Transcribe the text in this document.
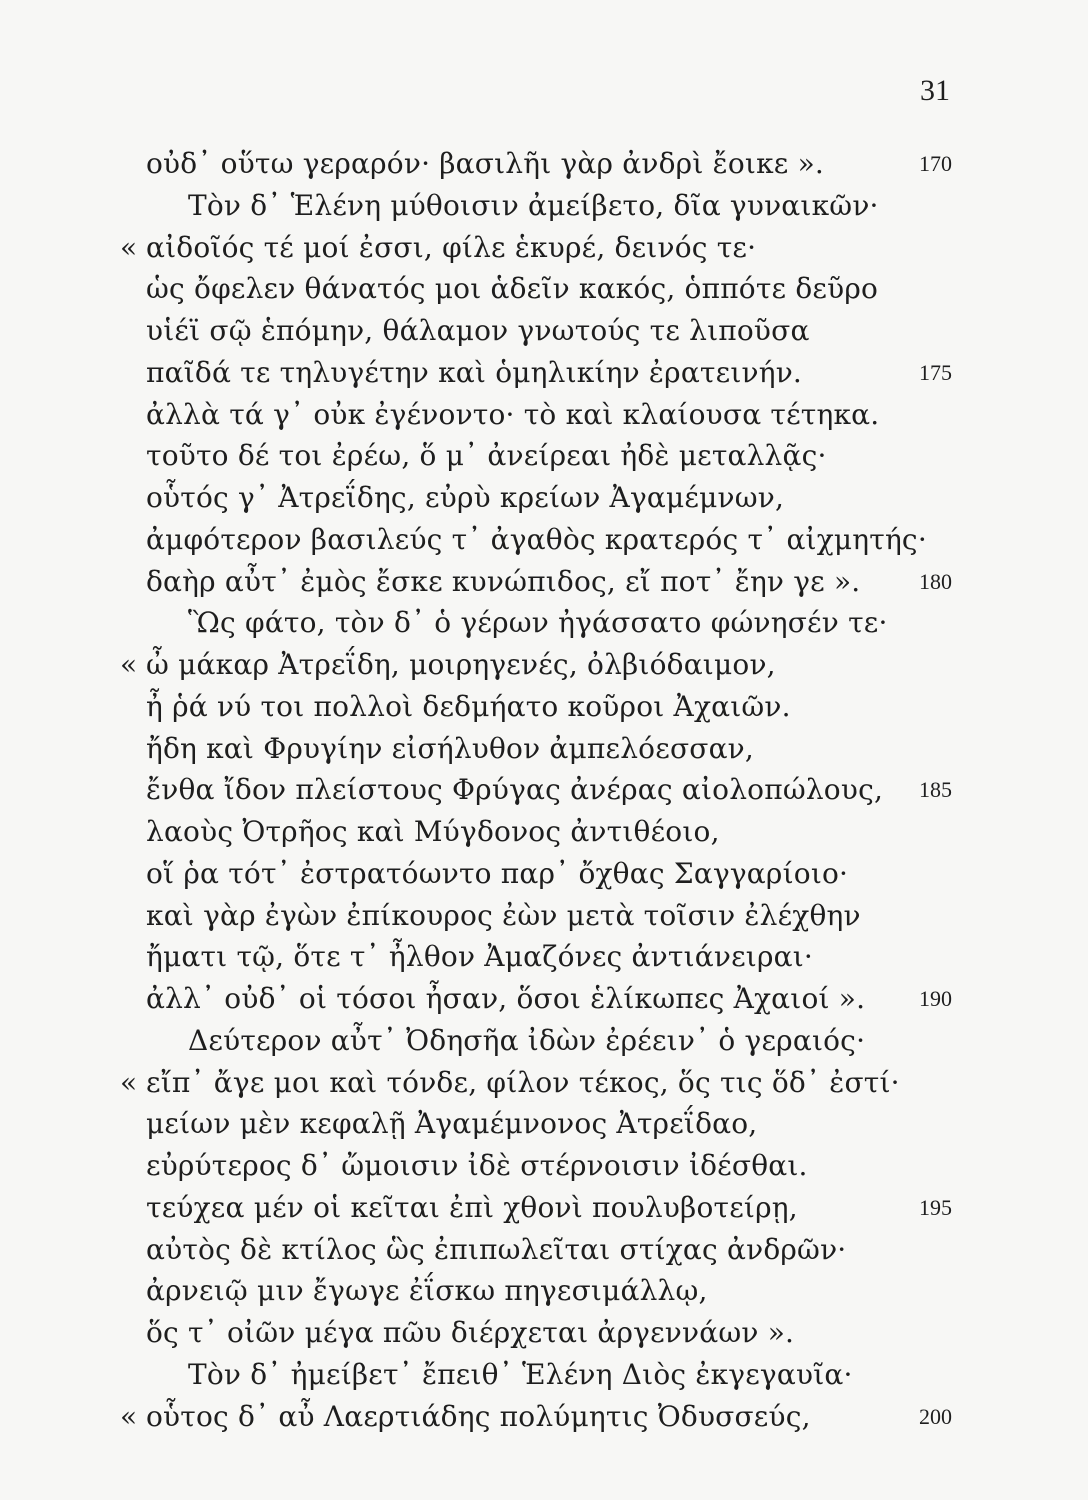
31
οὐδ᾽ οὕτω γεραρόν· βασιλῆι γὰρ ἀνδρὶ ἔοικε ».	170
Τὸν δ᾽ Ἑλένη μύθοισιν ἀμείβετο, δῖα γυναικῶν·
« αἰδοῖός τέ μοί ἐσσι, φίλε ἑκυρέ, δεινός τε·
ὡς ὄφελεν θάνατός μοι ἁδεῖν κακός, ὁππότε δεῦρο
υἱέϊ σῷ ἑπόμην, θάλαμον γνωτούς τε λιποῦσα
παῖδά τε τηλυγέτην καὶ ὁμηλικίην ἐρατεινήν.	175
ἀλλὰ τά γ᾽ οὐκ ἐγένοντο· τὸ καὶ κλαίουσα τέτηκα.
τοῦτο δέ τοι ἐρέω, ὅ μ᾽ ἀνείρεαι ἠδὲ μεταλλᾷς·
οὗτός γ᾽ Ἀτρεΐδης, εὐρὺ κρείων Ἀγαμέμνων,
ἀμφότερον βασιλεύς τ᾽ ἀγαθὸς κρατερός τ᾽ αἰχμητής·
δαὴρ αὖτ᾽ ἐμὸς ἔσκε κυνώπιδος, εἴ ποτ᾽ ἔην γε ».	180
Ὣς φάτο, τὸν δ᾽ ὁ γέρων ἠγάσσατο φώνησέν τε·
« ὦ μάκαρ Ἀτρεΐδη, μοιρηγενές, ὀλβιόδαιμον,
ἦ ῥά νύ τοι πολλοὶ δεδμήατο κοῦροι Ἀχαιῶν.
ἤδη καὶ Φρυγίην εἰσήλυθον ἀμπελόεσσαν,
ἔνθα ἴδον πλείστους Φρύγας ἀνέρας αἰολοπώλους,	185
λαοὺς Ὀτρῆος καὶ Μύγδονος ἀντιθέοιο,
οἵ ῥα τότ᾽ ἐστρατόωντο παρ᾽ ὄχθας Σαγγαρίοιο·
καὶ γὰρ ἐγὼν ἐπίκουρος ἐὼν μετὰ τοῖσιν ἐλέχθην
ἤματι τῷ, ὅτε τ᾽ ἦλθον Ἀμαζόνες ἀντιάνειραι·
ἀλλ᾽ οὐδ᾽ οἱ τόσοι ἦσαν, ὅσοι ἑλίκωπες Ἀχαιοί ».	190
Δεύτερον αὖτ᾽ Ὀδησῆα ἰδὼν ἐρέειν᾽ ὁ γεραιός·
« εἴπ᾽ ἄγε μοι καὶ τόνδε, φίλον τέκος, ὅς τις ὅδ᾽ ἐστί·
μείων μὲν κεφαλῇ Ἀγαμέμνονος Ἀτρεΐδαο,
εὐρύτερος δ᾽ ὤμοισιν ἰδὲ στέρνοισιν ἰδέσθαι.
τεύχεα μέν οἱ κεῖται ἐπὶ χθονὶ πουλυβοτείρῃ,	195
αὐτὸς δὲ κτίλος ὣς ἐπιπωλεῖται στίχας ἀνδρῶν·
ἀρνειῷ μιν ἔγωγε ἐΐσκω πηγεσιμάλλῳ,
ὅς τ᾽ οἰῶν μέγα πῶυ διέρχεται ἀργεννάων ».
Τὸν δ᾽ ἠμείβετ᾽ ἔπειθ᾽ Ἑλένη Διὸς ἐκγεγαυῖα·
« οὗτος δ᾽ αὖ Λαερτιάδης πολύμητις Ὀδυσσεύς,	200
